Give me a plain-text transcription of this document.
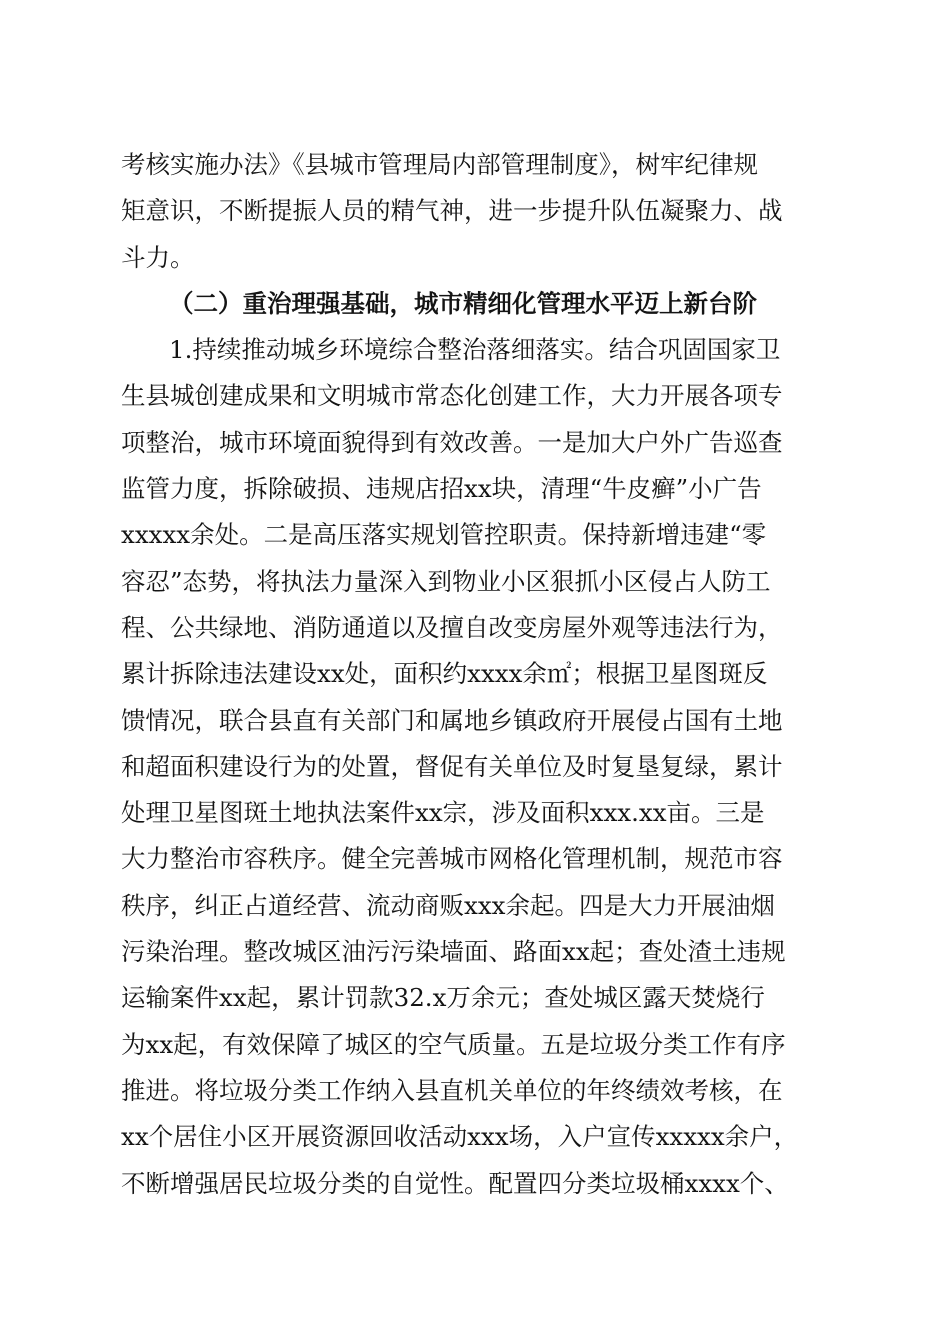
考核实施办法》《县城市管理局内部管理制度》，树牢纪律规
矩意识，不断提振人员的精气神，进一步提升队伍凝聚力、战
斗力。
（二）重治理强基础，城市精细化管理水平迈上新台阶
1.持续推动城乡环境综合整治落细落实。结合巩固国家卫
生县城创建成果和文明城市常态化创建工作，大力开展各项专
项整治，城市环境面貌得到有效改善。一是加大户外广告巡查
监管力度，拆除破损、违规店招xx块，清理“牛皮癣”小广告
xxxxx余处。二是高压落实规划管控职责。保持新增违建“零
容忍”态势，将执法力量深入到物业小区狠抓小区侵占人防工
程、公共绿地、消防通道以及擅自改变房屋外观等违法行为，
累计拆除违法建设xx处，面积约xxxx余㎡；根据卫星图斑反
馈情况，联合县直有关部门和属地乡镇政府开展侵占国有土地
和超面积建设行为的处置，督促有关单位及时复垦复绿，累计
处理卫星图斑土地执法案件xx宗，涉及面积xxx.xx亩。三是
大力整治市容秩序。健全完善城市网格化管理机制，规范市容
秩序，纠正占道经营、流动商贩xxx余起。四是大力开展油烟
污染治理。整改城区油污污染墙面、路面xx起；查处渣土违规
运输案件xx起，累计罚款32.x万余元；查处城区露天焚烧行
为xx起，有效保障了城区的空气质量。五是垃圾分类工作有序
推进。将垃圾分类工作纳入县直机关单位的年终绩效考核，在
xx个居住小区开展资源回收活动xxx场，入户宣传xxxxx余户，
不断增强居民垃圾分类的自觉性。配置四分类垃圾桶xxxx个、
